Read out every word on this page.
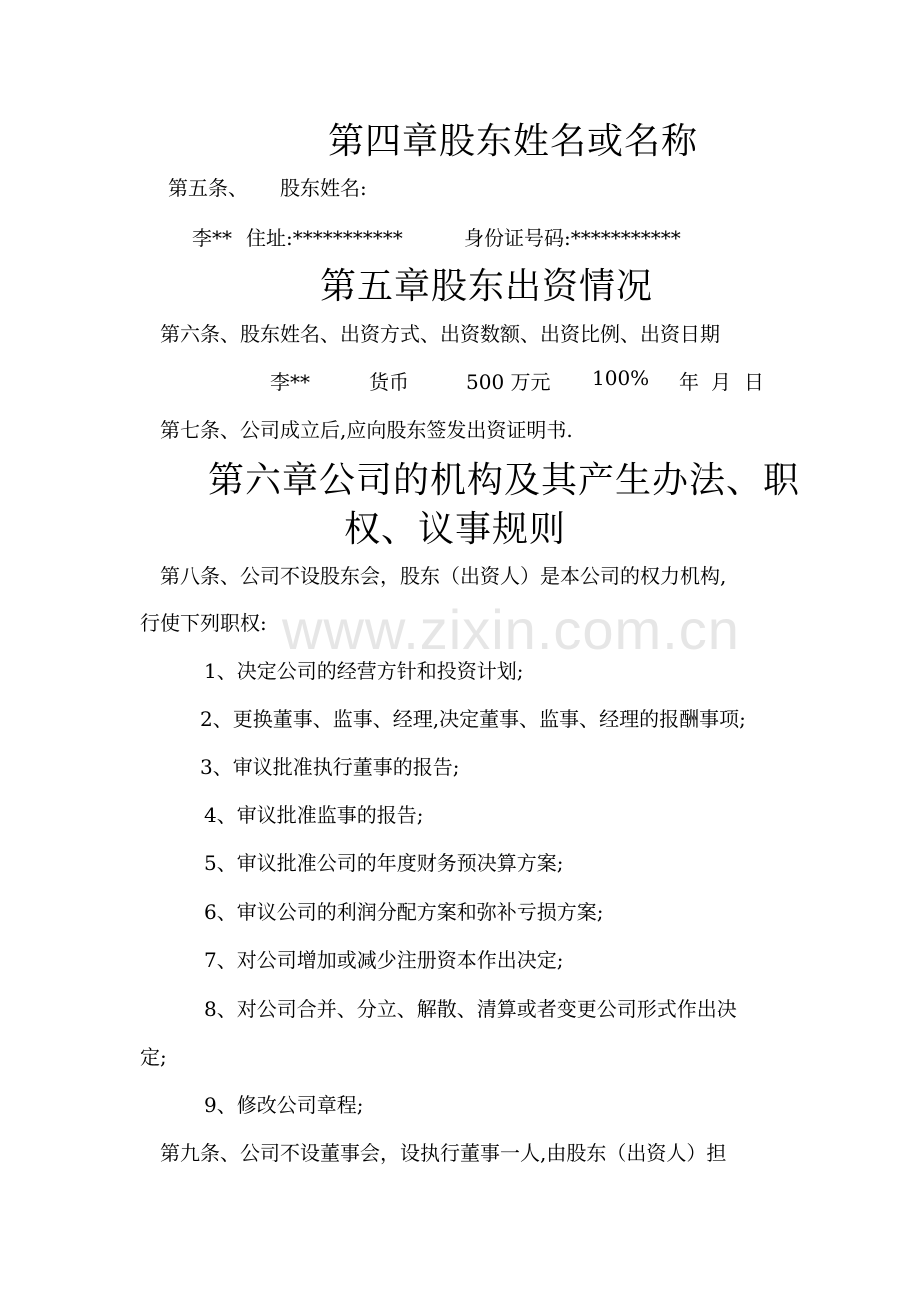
www.zixin.com.cn
第四章股东姓名或名称
第五条、 股东姓名:
李** 住址:***********	身份证号码:***********
第五章股东出资情况
第六条、股东姓名、出资方式、出资数额、出资比例、出资日期
李**	货币	500 万元 100% 年 月 日
第七条、公司成立后,应向股东签发出资证明书.
第六章公司的机构及其产生办法、职
权、议事规则
第八条、公司不设股东会，股东（出资人）是本公司的权力机构,
行使下列职权:
1、决定公司的经营方针和投资计划;
2、更换董事、监事、经理,决定董事、监事、经理的报酬事项;
3、审议批准执行董事的报告;
4、审议批准监事的报告;
5、审议批准公司的年度财务预决算方案;
6、审议公司的利润分配方案和弥补亏损方案;
7、对公司增加或减少注册资本作出决定;
8、对公司合并、分立、解散、清算或者变更公司形式作出决
定;
9、修改公司章程;
第九条、公司不设董事会，设执行董事一人,由股东（出资人）担
